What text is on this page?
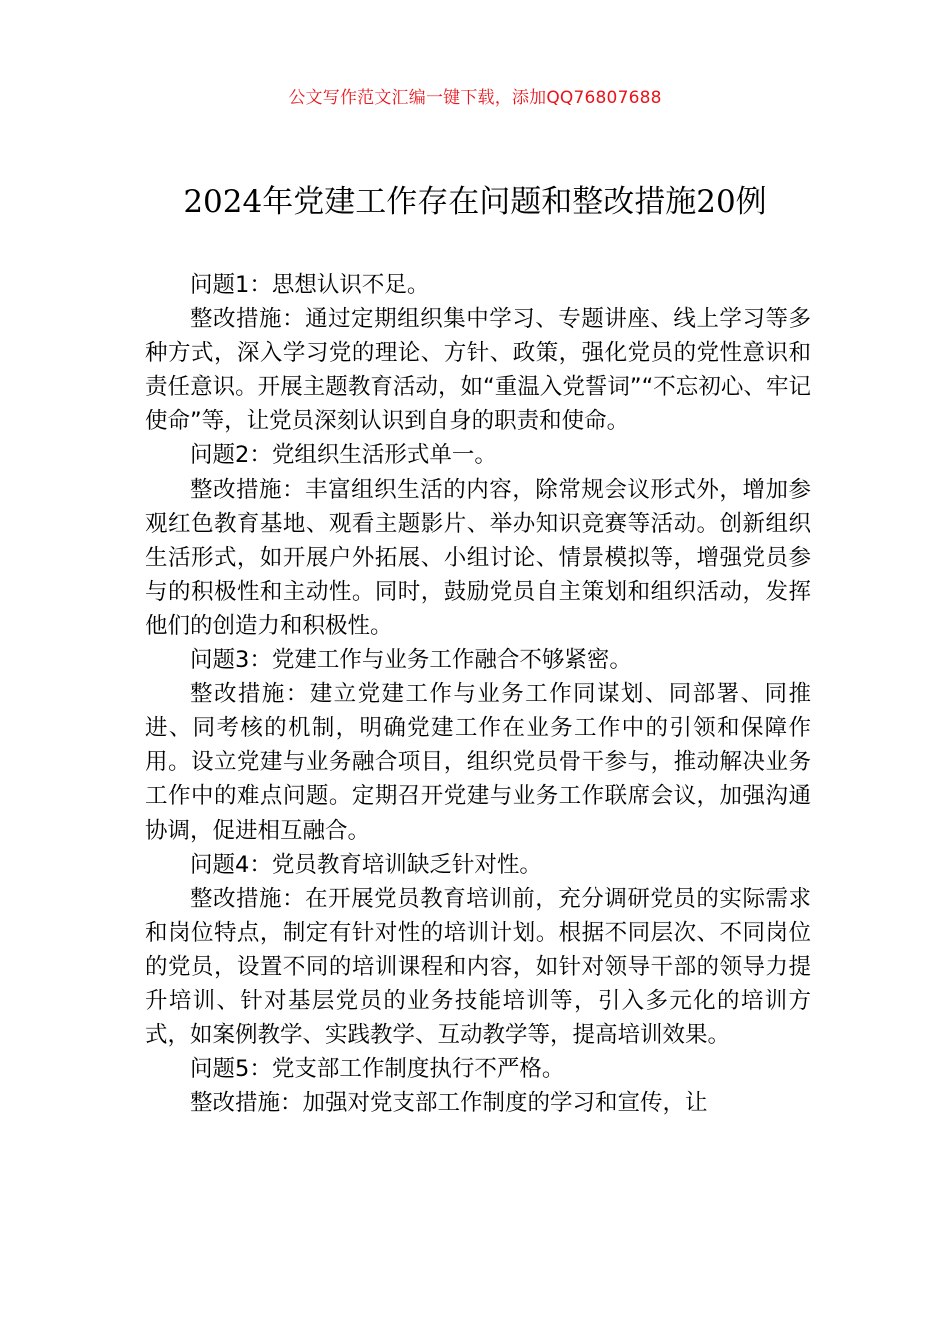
公文写作范文汇编一键下载，添加QQ76807688
2024年党建工作存在问题和整改措施20例

问题1：思想认识不足。

整改措施：通过定期组织集中学习、专题讲座、线上学习等多种方式，深入学习党的理论、方针、政策，强化党员的党性意识和责任意识。开展主题教育活动，如“重温入党誓词”“不忘初心、牢记使命”等，让党员深刻认识到自身的职责和使命。

问题2：党组织生活形式单一。

整改措施：丰富组织生活的内容，除常规会议形式外，增加参观红色教育基地、观看主题影片、举办知识竞赛等活动。创新组织生活形式，如开展户外拓展、小组讨论、情景模拟等，增强党员参与的积极性和主动性。同时，鼓励党员自主策划和组织活动，发挥他们的创造力和积极性。

问题3：党建工作与业务工作融合不够紧密。

整改措施：建立党建工作与业务工作同谋划、同部署、同推进、同考核的机制，明确党建工作在业务工作中的引领和保障作用。设立党建与业务融合项目，组织党员骨干参与，推动解决业务工作中的难点问题。定期召开党建与业务工作联席会议，加强沟通协调，促进相互融合。

问题4：党员教育培训缺乏针对性。

整改措施：在开展党员教育培训前，充分调研党员的实际需求和岗位特点，制定有针对性的培训计划。根据不同层次、不同岗位的党员，设置不同的培训课程和内容，如针对领导干部的领导力提升培训、针对基层党员的业务技能培训等，引入多元化的培训方式，如案例教学、实践教学、互动教学等，提高培训效果。

问题5：党支部工作制度执行不严格。

整改措施：加强对党支部工作制度的学习和宣传，让
